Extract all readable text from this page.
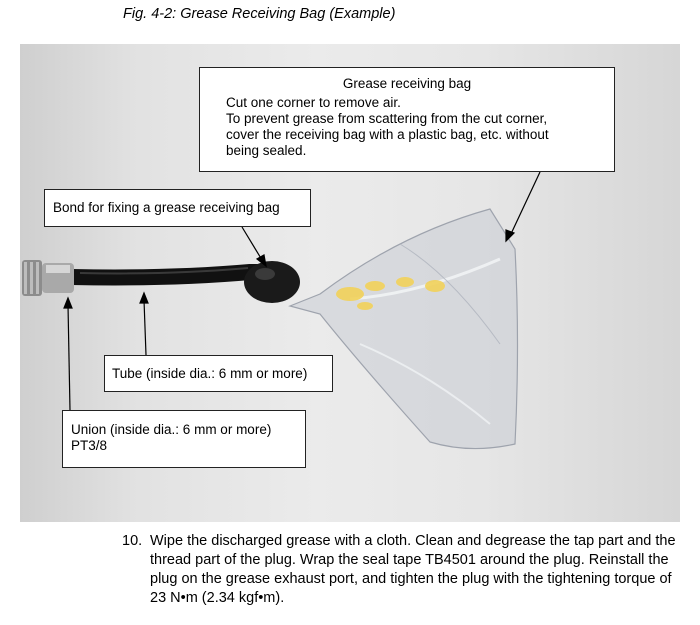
Fig. 4-2: Grease Receiving Bag (Example)
Grease receiving bag
Cut one corner to remove air.
To prevent grease from scattering from the cut corner,
cover the receiving bag with a plastic bag, etc. without
being sealed.
Bond for fixing a grease receiving bag
Tube (inside dia.: 6 mm or more)
Union (inside dia.: 6 mm or more)
PT3/8
10. Wipe the discharged grease with a cloth. Clean and degrease the tap part and the thread part of the plug. Wrap the seal tape TB4501 around the plug. Reinstall the plug on the grease exhaust port, and tighten the plug with the tightening torque of 23 N•m (2.34 kgf•m).
